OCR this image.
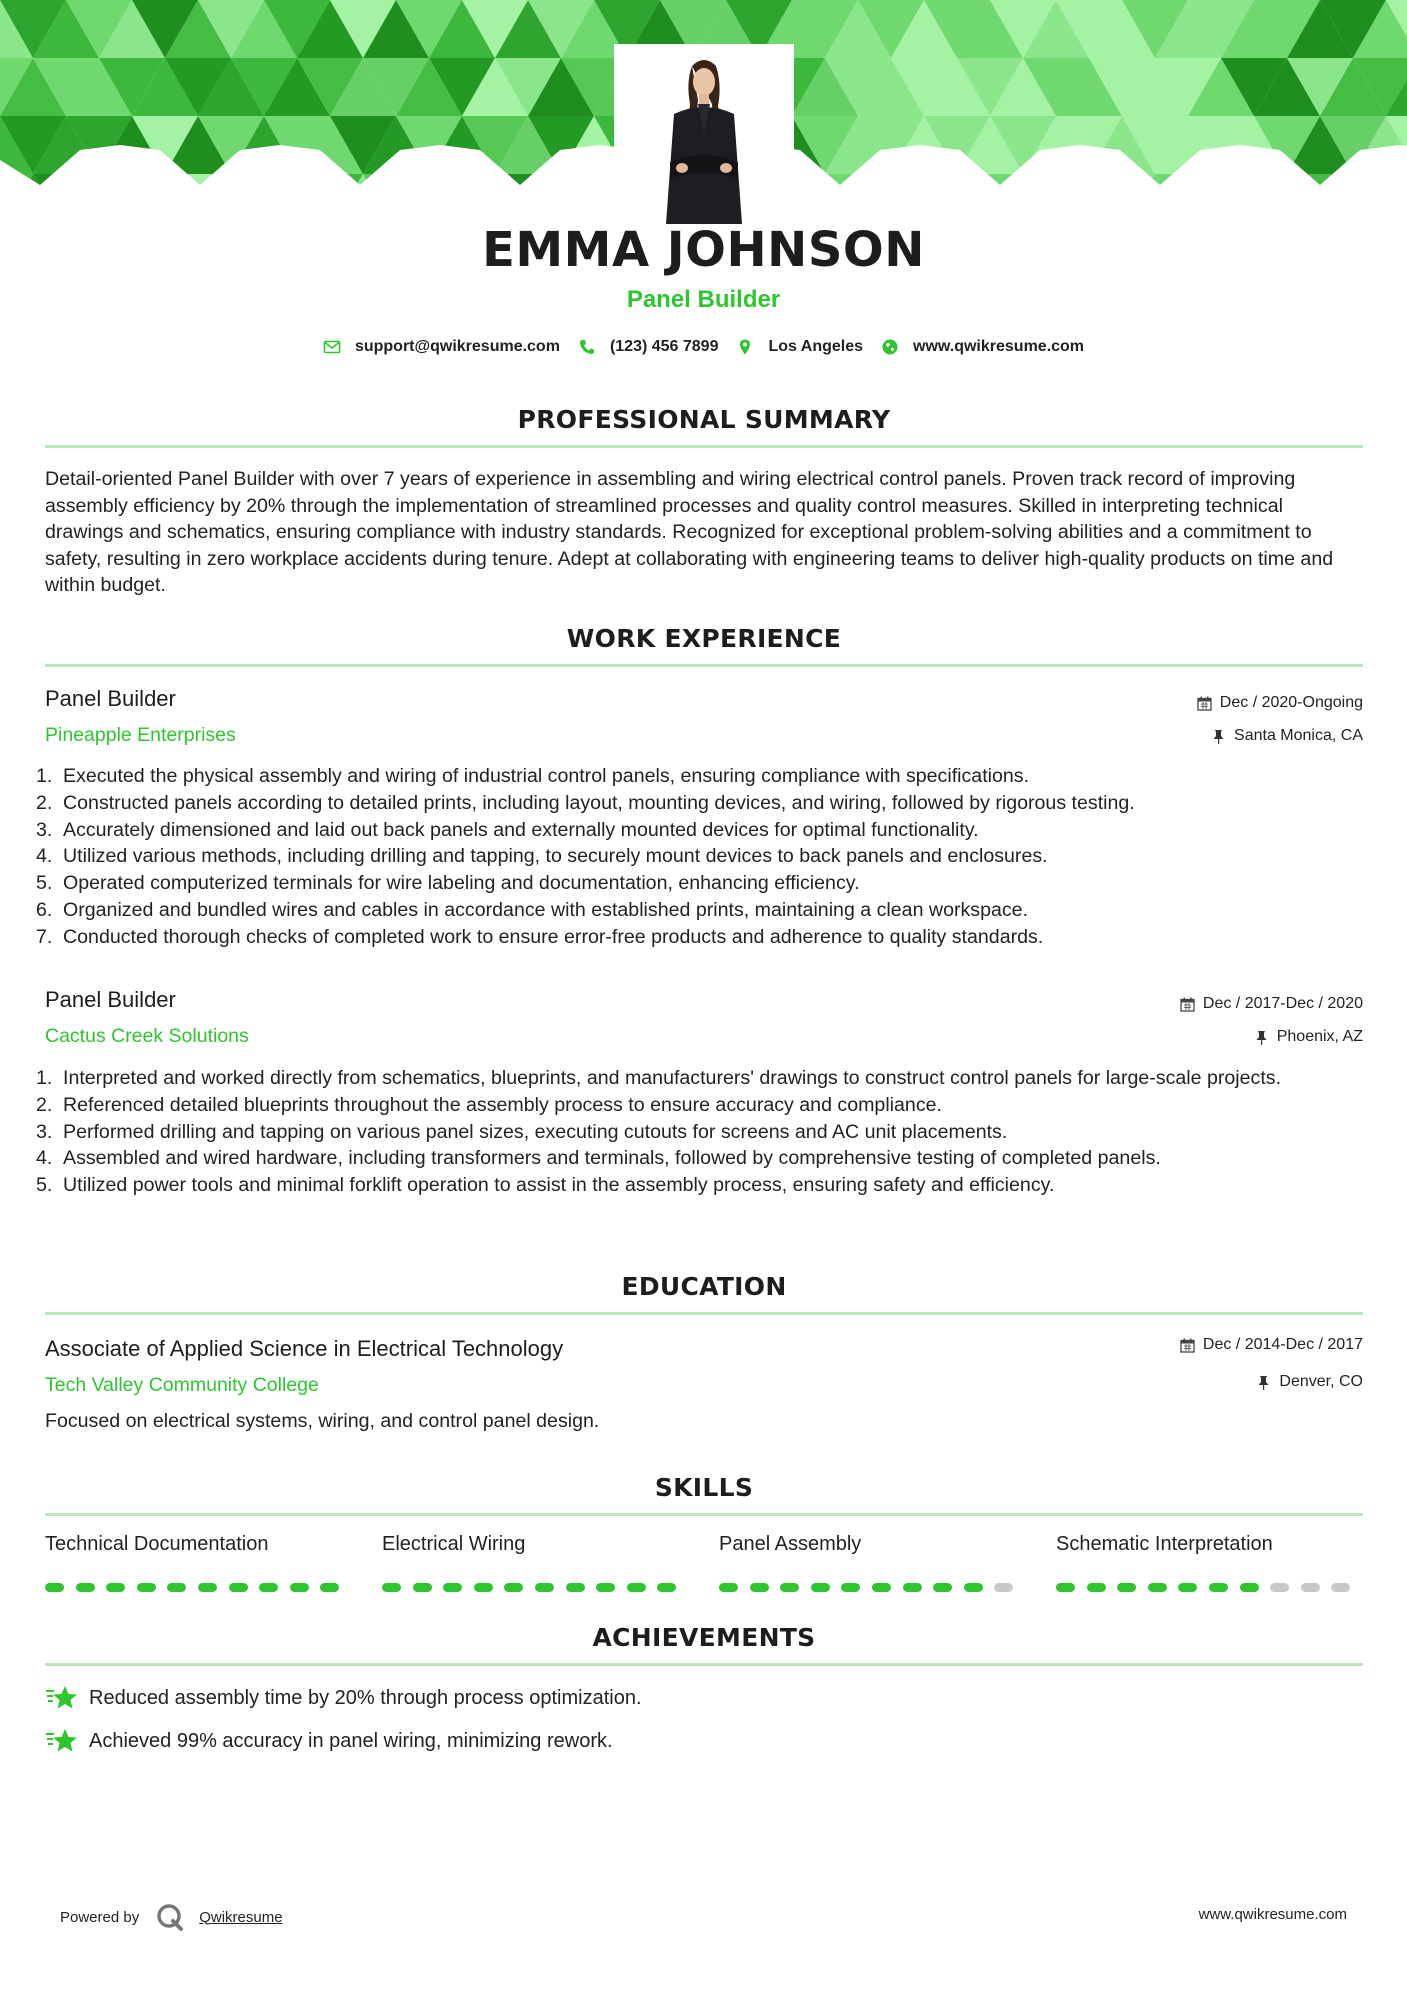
EMMA JOHNSON
Panel Builder
support@qwikresume.com	(123) 456 7899	Los Angeles	www.qwikresume.com
PROFESSIONAL SUMMARY
Detail-oriented Panel Builder with over 7 years of experience in assembling and wiring electrical control panels. Proven track record of improving assembly efficiency by 20% through the implementation of streamlined processes and quality control measures. Skilled in interpreting technical drawings and schematics, ensuring compliance with industry standards. Recognized for exceptional problem-solving abilities and a commitment to safety, resulting in zero workplace accidents during tenure. Adept at collaborating with engineering teams to deliver high-quality products on time and within budget.
WORK EXPERIENCE
Panel Builder
Pineapple Enterprises
Dec / 2020-Ongoing
Santa Monica, CA
1. Executed the physical assembly and wiring of industrial control panels, ensuring compliance with specifications.
2. Constructed panels according to detailed prints, including layout, mounting devices, and wiring, followed by rigorous testing.
3. Accurately dimensioned and laid out back panels and externally mounted devices for optimal functionality.
4. Utilized various methods, including drilling and tapping, to securely mount devices to back panels and enclosures.
5. Operated computerized terminals for wire labeling and documentation, enhancing efficiency.
6. Organized and bundled wires and cables in accordance with established prints, maintaining a clean workspace.
7. Conducted thorough checks of completed work to ensure error-free products and adherence to quality standards.
Panel Builder
Cactus Creek Solutions
Dec / 2017-Dec / 2020
Phoenix, AZ
1. Interpreted and worked directly from schematics, blueprints, and manufacturers' drawings to construct control panels for large-scale projects.
2. Referenced detailed blueprints throughout the assembly process to ensure accuracy and compliance.
3. Performed drilling and tapping on various panel sizes, executing cutouts for screens and AC unit placements.
4. Assembled and wired hardware, including transformers and terminals, followed by comprehensive testing of completed panels.
5. Utilized power tools and minimal forklift operation to assist in the assembly process, ensuring safety and efficiency.
EDUCATION
Associate of Applied Science in Electrical Technology
Tech Valley Community College
Dec / 2014-Dec / 2017
Denver, CO
Focused on electrical systems, wiring, and control panel design.
SKILLS
Technical Documentation	Electrical Wiring	Panel Assembly	Schematic Interpretation
ACHIEVEMENTS
Reduced assembly time by 20% through process optimization.
Achieved 99% accuracy in panel wiring, minimizing rework.
Powered by	Qwikresume	www.qwikresume.com
